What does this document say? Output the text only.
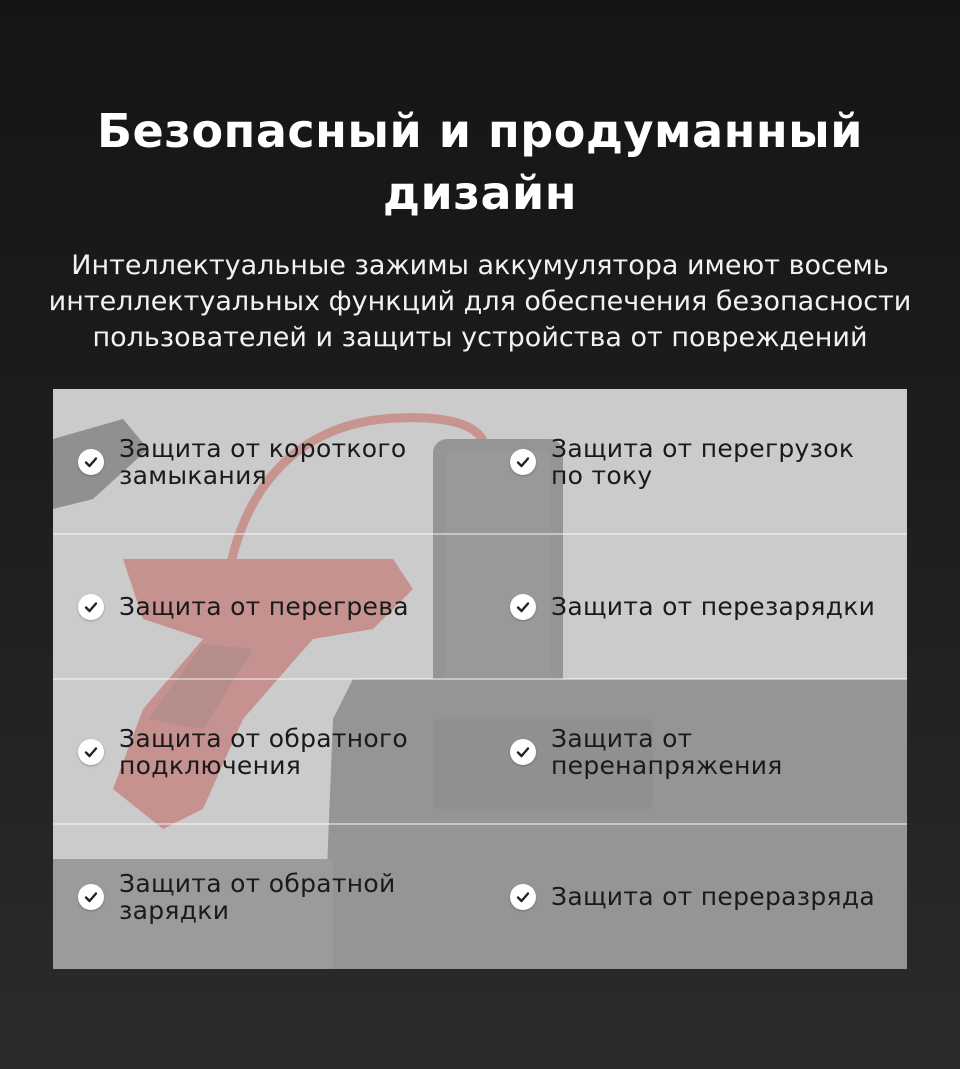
Безопасный и продуманный
дизайн
Интеллектуальные зажимы аккумулятора имеют восемь
интеллектуальных функций для обеспечения безопасности
пользователей и защиты устройства от повреждений
Защита от короткого
замыкания
Защита от перегрева
Защита от обратного
подключения
Защита от обратной
зарядки
Защита от перегрузок
по току
Защита от перезарядки
Защита от
перенапряжения
Защита от переразряда
